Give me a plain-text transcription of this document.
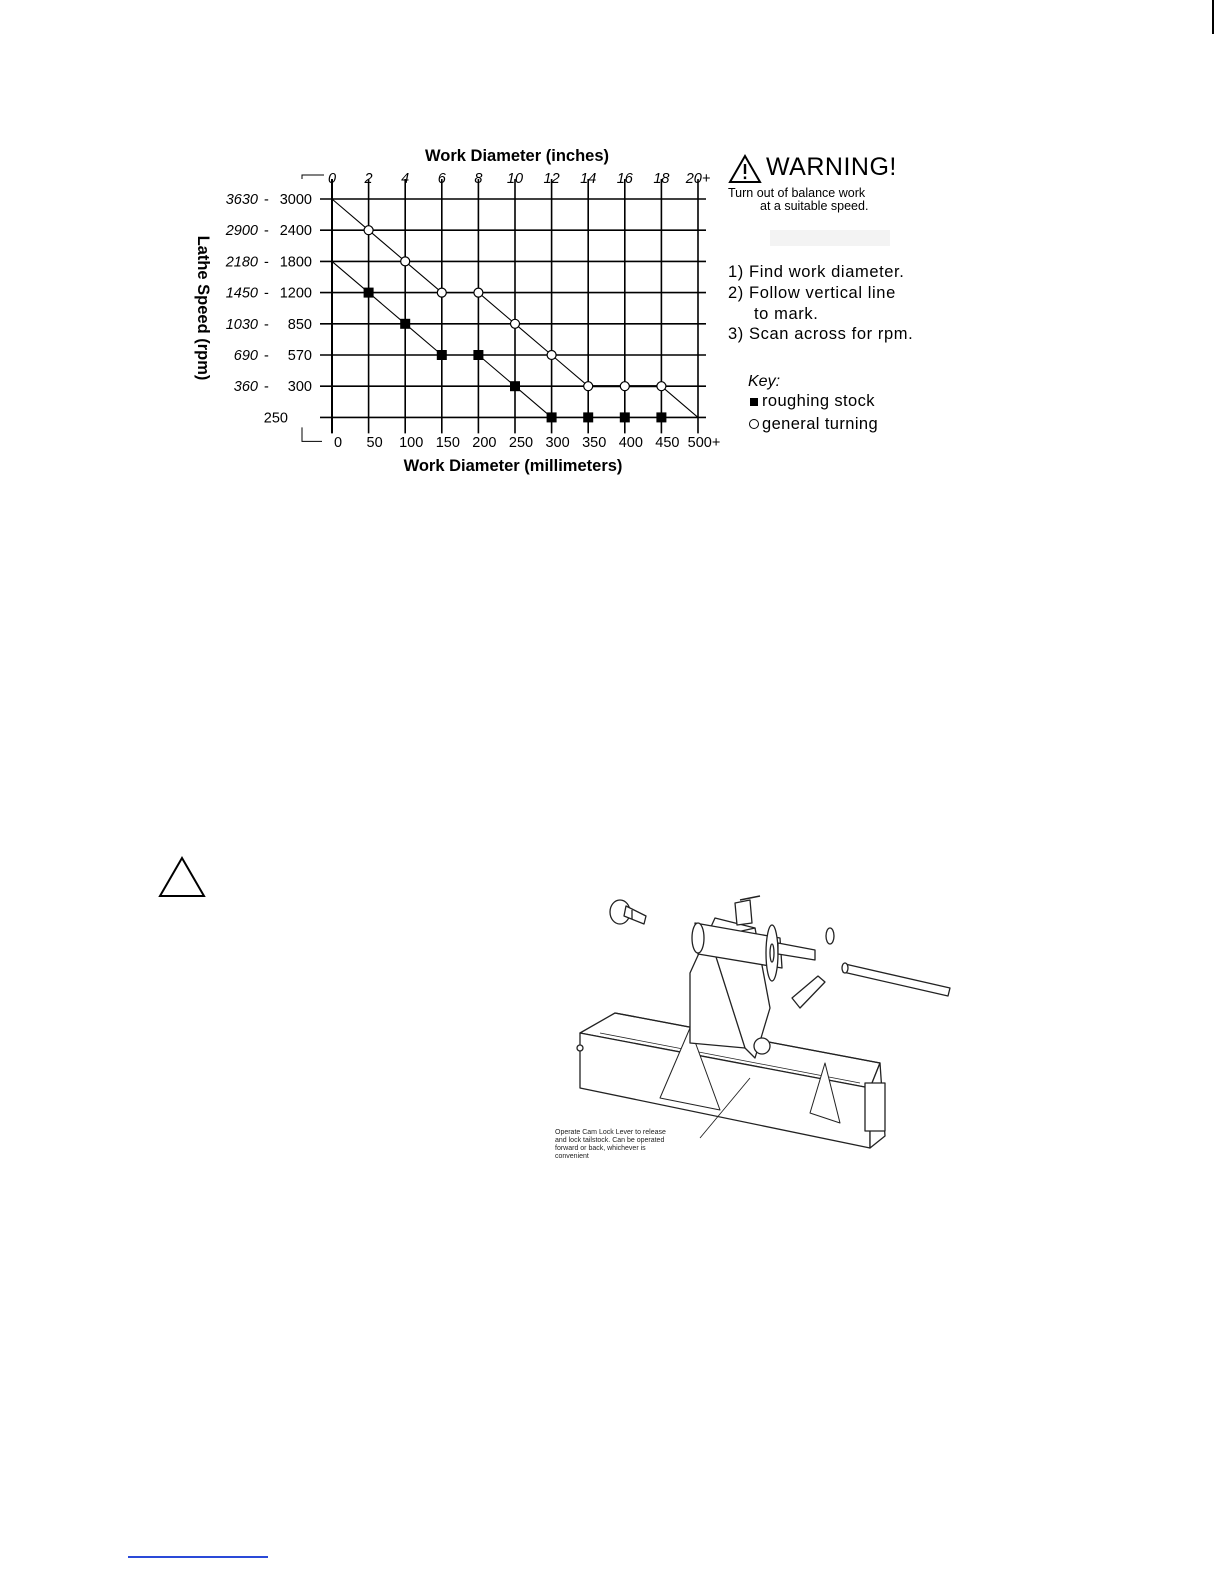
0 2 4 6 8 10 12 14 16 18 20+
0 50 100 150 200 250 300 350 400 450 500+
3630 3000
-
2900 2400
-
2180 1800
-
1450 1200
-
1030 850
-
690 570
-
360 300
-
250
Work Diameter (inches)
Work Diameter (millimeters)
Lathe Speed (rpm)
WARNING!
Turn out of balance work
at a suitable speed.
1) Find work diameter.
2) Follow vertical line
to mark.
3) Scan across for rpm.
Key:
roughing stock
general turning
Operate Cam Lock Lever to release
and lock tailstock. Can be operated
forward or back, whichever is
convenient
